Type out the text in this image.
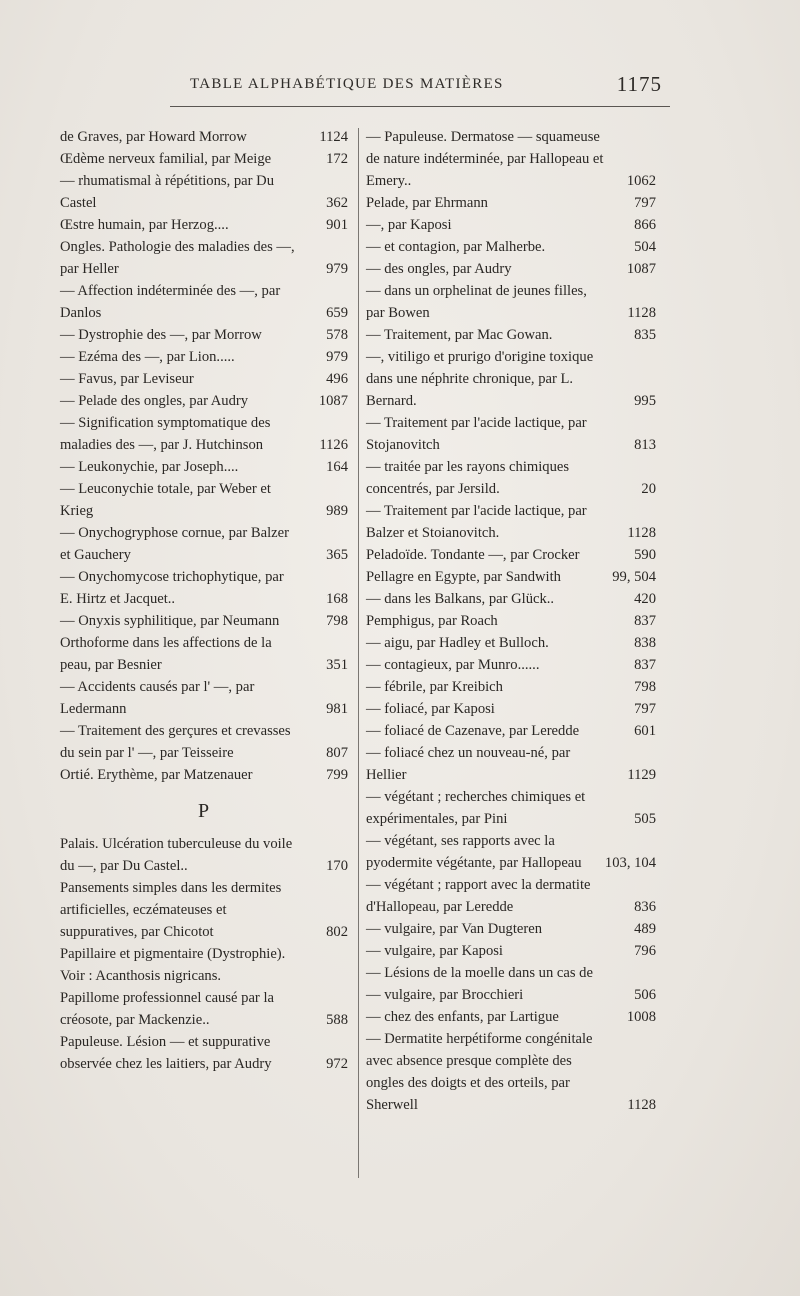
TABLE ALPHABÉTIQUE DES MATIÈRES	1175
de Graves, par Howard Morrow	1124
Œdème nerveux familial, par Meige	172
— rhumatismal à répétitions, par Du Castel	362
Œstre humain, par Herzog....	901
Ongles. Pathologie des maladies des —, par Heller	979
— Affection indéterminée des —, par Danlos	659
— Dystrophie des —, par Morrow	578
— Ezéma des —, par Lion.....	979
— Favus, par Leviseur	496
— Pelade des ongles, par Audry	1087
— Signification symptomatique des maladies des —, par J. Hutchinson	1126
— Leukonychie, par Joseph....	164
— Leuconychie totale, par Weber et Krieg	989
— Onychogryphose cornue, par Balzer et Gauchery	365
— Onychomycose trichophytique, par E. Hirtz et Jacquet..	168
— Onyxis syphilitique, par Neumann	798
Orthoforme dans les affections de la peau, par Besnier	351
— Accidents causés par l' —, par Ledermann	981
— Traitement des gerçures et crevasses du sein par l' —, par Teisseire	807
Ortié. Erythème, par Matzenauer	799
P
Palais. Ulcération tuberculeuse du voile du —, par Du Castel..	170
Pansements simples dans les dermites artificielles, eczémateuses et suppuratives, par Chicotot	802
Papillaire et pigmentaire (Dystrophie).
Voir : Acanthosis nigricans.
Papillome professionnel causé par la créosote, par Mackenzie..	588
Papuleuse. Lésion — et suppurative observée chez les laitiers, par Audry	972
— Papuleuse. Dermatose — squameuse de nature indéterminée, par Hallopeau et Emery..	1062
Pelade, par Ehrmann	797
—, par Kaposi	866
— et contagion, par Malherbe.	504
— des ongles, par Audry	1087
— dans un orphelinat de jeunes filles, par Bowen	1128
— Traitement, par Mac Gowan.	835
—, vitiligo et prurigo d'origine toxique dans une néphrite chronique, par L. Bernard.	995
— Traitement par l'acide lactique, par Stojanovitch	813
— traitée par les rayons chimiques concentrés, par Jersild.	20
— Traitement par l'acide lactique, par Balzer et Stoianovitch.	1128
Peladoïde. Tondante —, par Crocker	590
Pellagre en Egypte, par Sandwith	99, 504
— dans les Balkans, par Glück..	420
Pemphigus, par Roach	837
— aigu, par Hadley et Bulloch.	838
— contagieux, par Munro......	837
— fébrile, par Kreibich	798
— foliacé, par Kaposi	797
— foliacé de Cazenave, par Leredde	601
— foliacé chez un nouveau-né, par Hellier	1129
— végétant ; recherches chimiques et expérimentales, par Pini	505
— végétant, ses rapports avec la pyodermite végétante, par Hallopeau	103, 104
— végétant ; rapport avec la dermatite d'Hallopeau, par Leredde	836
— vulgaire, par Van Dugteren	489
— vulgaire, par Kaposi	796
— Lésions de la moelle dans un cas de — vulgaire, par Brocchieri	506
— chez des enfants, par Lartigue	1008
— Dermatite herpétiforme congénitale avec absence presque complète des ongles des doigts et des orteils, par Sherwell	1128
